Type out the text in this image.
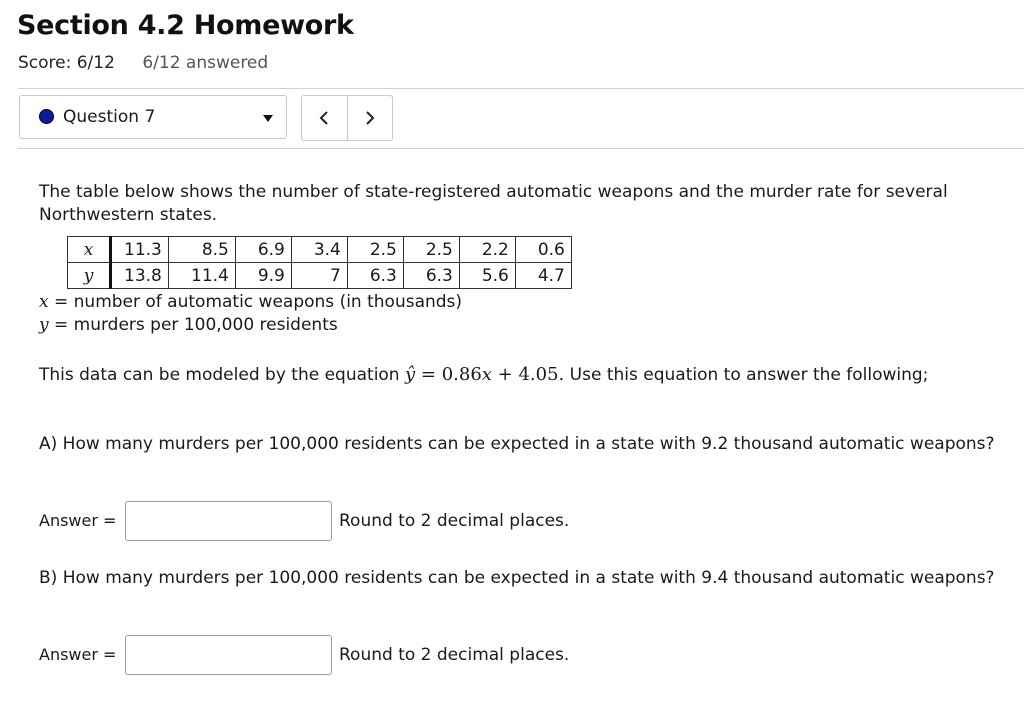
Section 4.2 Homework
Score: 6/12 6/12 answered
Question 7
The table below shows the number of state-registered automatic weapons and the murder rate for several Northwestern states.
x	11.3	8.5	6.9	3.4	2.5	2.5	2.2	0.6
y	13.8	11.4	9.9	7	6.3	6.3	5.6	4.7
x = number of automatic weapons (in thousands)
y = murders per 100,000 residents
This data can be modeled by the equation ŷ = 0.86x + 4.05. Use this equation to answer the following;
A) How many murders per 100,000 residents can be expected in a state with 9.2 thousand automatic weapons?
Answer =	Round to 2 decimal places.
B) How many murders per 100,000 residents can be expected in a state with 9.4 thousand automatic weapons?
Answer =	Round to 2 decimal places.
